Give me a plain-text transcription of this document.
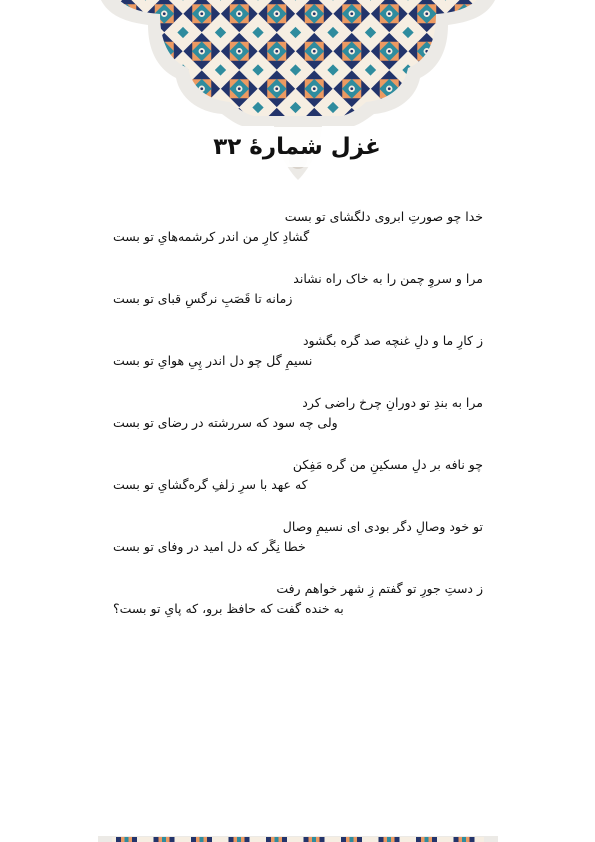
غزل شمارهٔ ۳۲
خدا چو صورتِ ابروی دلگشای تو بست
گشادِ کارِ من اندر کرشمه‌هایِ تو بست
مرا و سروِ چمن را به خاک راه نشاند
زمانه تا قَصَبِ نرگسِ قبای تو بست
ز کارِ ما و دلِ غنچه صد گره بگشود
نسیمِ گل چو دل اندر پِیِ هوایِ تو بست
مرا به بندِ تو دورانِ چرخ راضی کرد
ولی چه سود که سررشته در رضای تو بست
چو نافه بر دلِ مسکینِ من گره مَفِکن
که عهد با سرِ زلفِ گره‌گشایِ تو بست
تو خود وصالِ دگر بودی ای نسیمِ وصال
خطا نِگَر که دل امید در وفای تو بست
ز دستِ جورِ تو گفتم زِ شهر خواهم رفت
به خنده گفت که حافظ برو، که پایِ تو بست؟
